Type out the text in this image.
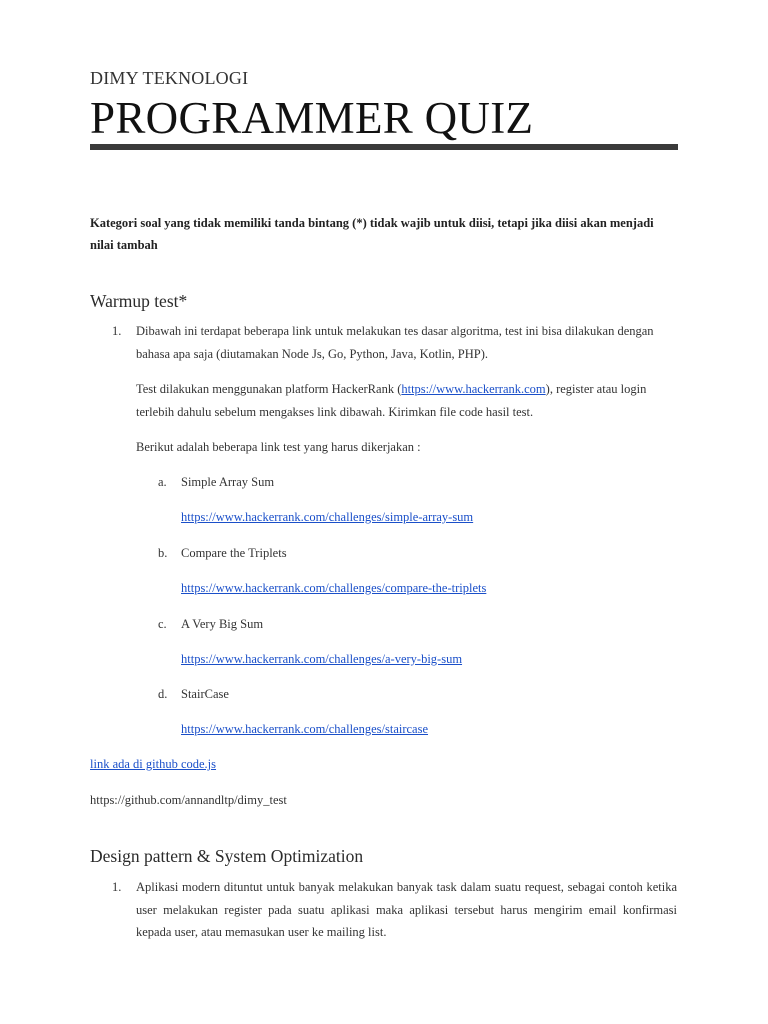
DIMY TEKNOLOGI
PROGRAMMER QUIZ
Kategori soal yang tidak memiliki tanda bintang (*) tidak wajib untuk diisi, tetapi jika diisi akan menjadi
nilai tambah
Warmup test*
1. Dibawah ini terdapat beberapa link untuk melakukan tes dasar algoritma, test ini bisa dilakukan dengan
bahasa apa saja (diutamakan Node Js, Go, Python, Java, Kotlin, PHP).
Test dilakukan menggunakan platform HackerRank (https://www.hackerrank.com), register atau login
terlebih dahulu sebelum mengakses link dibawah. Kirimkan file code hasil test.
Berikut adalah beberapa link test yang harus dikerjakan :
a. Simple Array Sum
https://www.hackerrank.com/challenges/simple-array-sum
b. Compare the Triplets
https://www.hackerrank.com/challenges/compare-the-triplets
c. A Very Big Sum
https://www.hackerrank.com/challenges/a-very-big-sum
d. StairCase
https://www.hackerrank.com/challenges/staircase
link ada di github code.js
https://github.com/annandltp/dimy_test
Design pattern & System Optimization
1. Aplikasi modern dituntut untuk banyak melakukan banyak task dalam suatu request, sebagai contoh ketika
user melakukan register pada suatu aplikasi maka aplikasi tersebut harus mengirim email konfirmasi
kepada user, atau memasukan user ke mailing list.
